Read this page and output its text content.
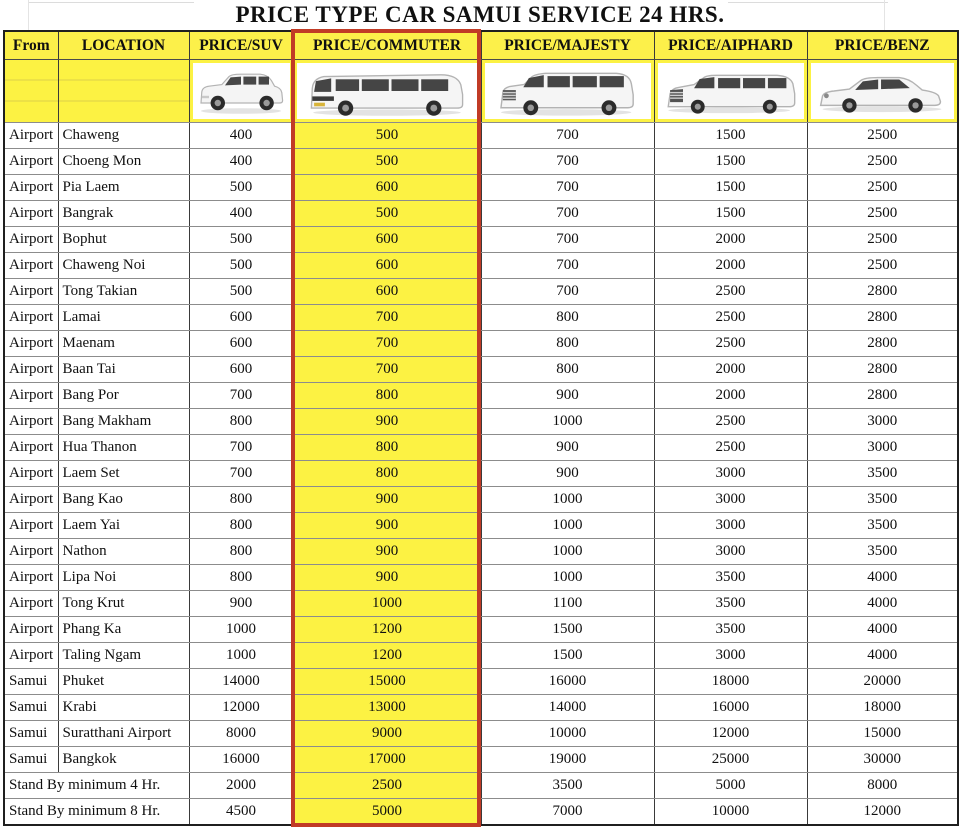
PRICE TYPE CAR SAMUI SERVICE 24 HRS.
From	LOCATION	PRICE/SUV	PRICE/COMMUTER	PRICE/MAJESTY	PRICE/AIPHARD	PRICE/BENZ

Airport	Chaweng	400	500	700	1500	2500
Airport	Choeng Mon	400	500	700	1500	2500
Airport	Pia Laem	500	600	700	1500	2500
Airport	Bangrak	400	500	700	1500	2500
Airport	Bophut	500	600	700	2000	2500
Airport	Chaweng Noi	500	600	700	2000	2500
Airport	Tong Takian	500	600	700	2500	2800
Airport	Lamai	600	700	800	2500	2800
Airport	Maenam	600	700	800	2500	2800
Airport	Baan Tai	600	700	800	2000	2800
Airport	Bang Por	700	800	900	2000	2800
Airport	Bang Makham	800	900	1000	2500	3000
Airport	Hua Thanon	700	800	900	2500	3000
Airport	Laem Set	700	800	900	3000	3500
Airport	Bang Kao	800	900	1000	3000	3500
Airport	Laem Yai	800	900	1000	3000	3500
Airport	Nathon	800	900	1000	3000	3500
Airport	Lipa Noi	800	900	1000	3500	4000
Airport	Tong Krut	900	1000	1100	3500	4000
Airport	Phang Ka	1000	1200	1500	3500	4000
Airport	Taling Ngam	1000	1200	1500	3000	4000
Samui	Phuket	14000	15000	16000	18000	20000
Samui	Krabi	12000	13000	14000	16000	18000
Samui	Suratthani Airport	8000	9000	10000	12000	15000
Samui	Bangkok	16000	17000	19000	25000	30000
Stand By minimum 4 Hr.		2000	2500	3500	5000	8000
Stand By minimum 8 Hr.		4500	5000	7000	10000	12000
